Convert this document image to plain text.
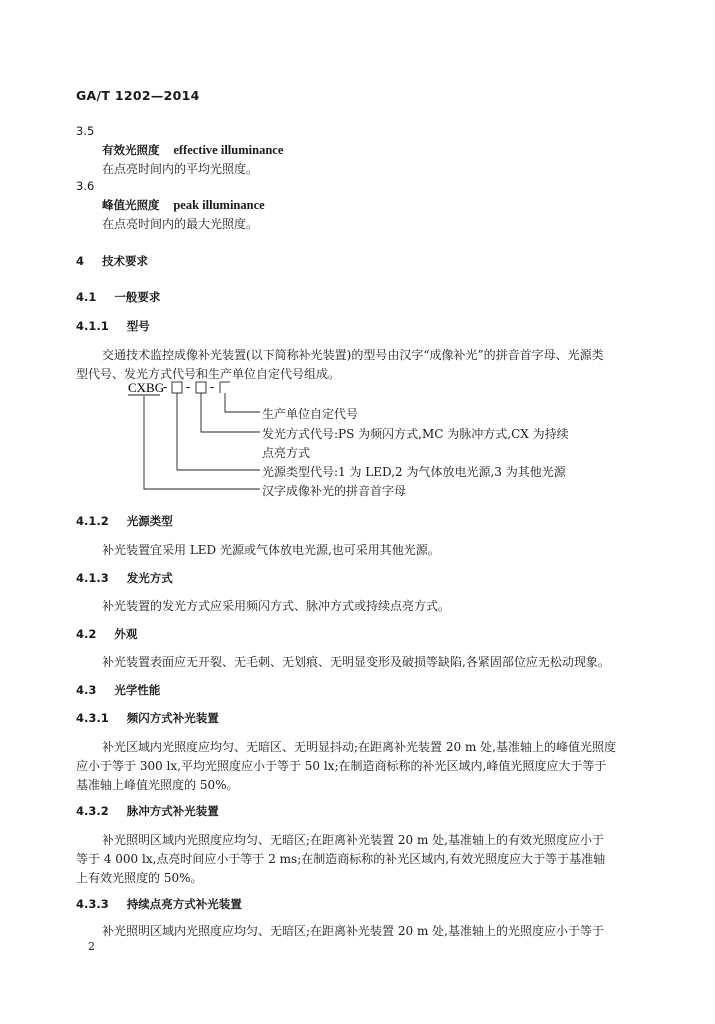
GA/T 1202—2014
3.5
有效光照度 effective illuminance
在点亮时间内的平均光照度。
3.6
峰值光照度 peak illuminance
在点亮时间内的最大光照度。
4 技术要求
4.1 一般要求
4.1.1 型号
交通技术监控成像补光装置(以下简称补光装置)的型号由汉字“成像补光”的拼音首字母、光源类
型代号、发光方式代号和生产单位自定代号组成。
CXBG
- - -
生产单位自定代号
发光方式代号:PS 为频闪方式,MC 为脉冲方式,CX 为持续
点亮方式
光源类型代号:1 为 LED,2 为气体放电光源,3 为其他光源
汉字成像补光的拼音首字母
4.1.2 光源类型
补光装置宜采用 LED 光源或气体放电光源,也可采用其他光源。
4.1.3 发光方式
补光装置的发光方式应采用频闪方式、脉冲方式或持续点亮方式。
4.2 外观
补光装置表面应无开裂、无毛刺、无划痕、无明显变形及破损等缺陷,各紧固部位应无松动现象。
4.3 光学性能
4.3.1 频闪方式补光装置
补光区域内光照度应均匀、无暗区、无明显抖动;在距离补光装置 20 m 处,基准轴上的峰值光照度
应小于等于 300 lx,平均光照度应小于等于 50 lx;在制造商标称的补光区域内,峰值光照度应大于等于
基准轴上峰值光照度的 50%。
4.3.2 脉冲方式补光装置
补光照明区域内光照度应均匀、无暗区;在距离补光装置 20 m 处,基准轴上的有效光照度应小于
等于 4 000 lx,点亮时间应小于等于 2 ms;在制造商标称的补光区域内,有效光照度应大于等于基准轴
上有效光照度的 50%。
4.3.3 持续点亮方式补光装置
补光照明区域内光照度应均匀、无暗区;在距离补光装置 20 m 处,基准轴上的光照度应小于等于
2
